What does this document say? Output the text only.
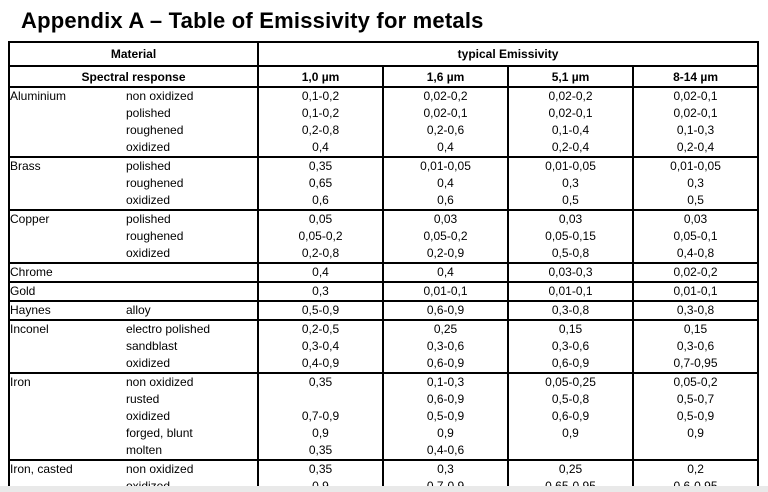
Appendix A – Table of Emissivity for metals
Material		typical Emissivity			
Spectral response		1,0 µm	1,6 µm	5,1 µm	8-14 µm
Aluminium	non oxidized	0,1-0,2	0,02-0,2	0,02-0,2	0,02-0,1
	polished	0,1-0,2	0,02-0,1	0,02-0,1	0,02-0,1
	roughened	0,2-0,8	0,2-0,6	0,1-0,4	0,1-0,3
	oxidized	0,4	0,4	0,2-0,4	0,2-0,4
Brass	polished	0,35	0,01-0,05	0,01-0,05	0,01-0,05
	roughened	0,65	0,4	0,3	0,3
	oxidized	0,6	0,6	0,5	0,5
Copper	polished	0,05	0,03	0,03	0,03
	roughened	0,05-0,2	0,05-0,2	0,05-0,15	0,05-0,1
	oxidized	0,2-0,8	0,2-0,9	0,5-0,8	0,4-0,8
Chrome		0,4	0,4	0,03-0,3	0,02-0,2
Gold		0,3	0,01-0,1	0,01-0,1	0,01-0,1
Haynes	alloy	0,5-0,9	0,6-0,9	0,3-0,8	0,3-0,8
Inconel	electro polished	0,2-0,5	0,25	0,15	0,15
	sandblast	0,3-0,4	0,3-0,6	0,3-0,6	0,3-0,6
	oxidized	0,4-0,9	0,6-0,9	0,6-0,9	0,7-0,95
Iron	non oxidized	0,35	0,1-0,3	0,05-0,25	0,05-0,2
	rusted		0,6-0,9	0,5-0,8	0,5-0,7
	oxidized	0,7-0,9	0,5-0,9	0,6-0,9	0,5-0,9
	forged, blunt	0,9	0,9	0,9	0,9
	molten	0,35	0,4-0,6		
Iron, casted	non oxidized	0,35	0,3	0,25	0,2
